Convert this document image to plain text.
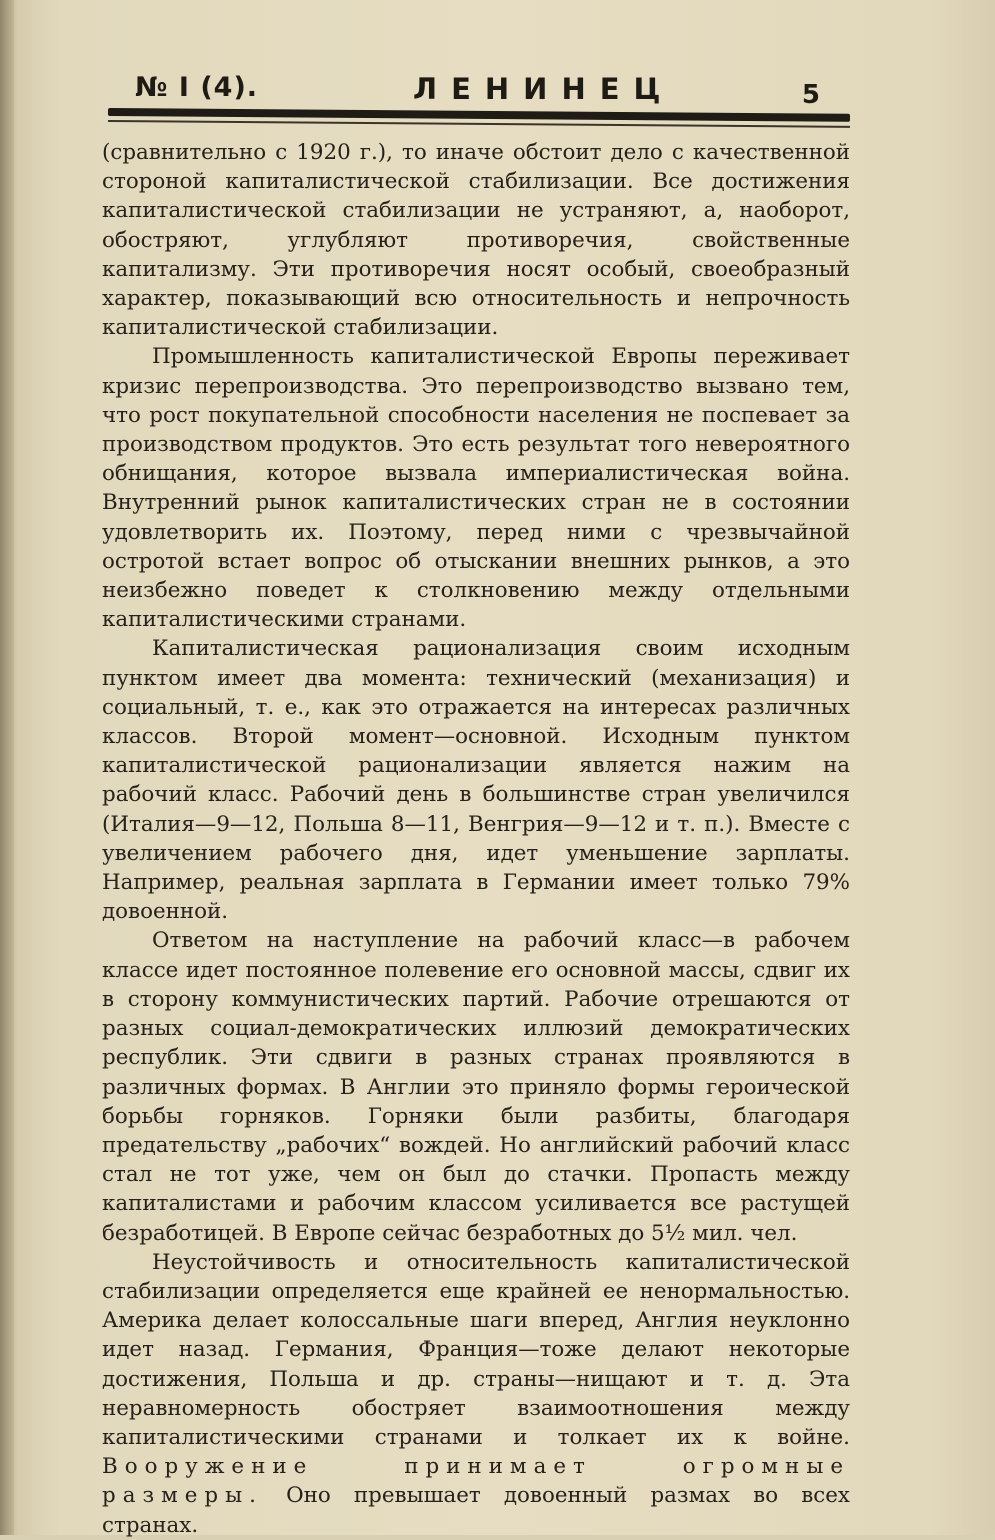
№ I (4).	ЛЕНИНЕЦ	5

(сравнительно с 1920 г.), то иначе обстоит дело с качественной стороной капиталистической стабилизации. Все достижения капиталистической стабилизации не устраняют, а, наоборот, обостряют, углубляют противоречия, свойственные капитализму. Эти противоречия носят особый, своеобразный характер, показывающий всю относительность и непрочность капиталистической стабилизации.

Промышленность капиталистической Европы переживает кризис перепроизводства. Это перепроизводство вызвано тем, что рост покупательной способности населения не поспевает за производством продуктов. Это есть результат того невероятного обнищания, которое вызвала империалистическая война. Внутренний рынок капиталистических стран не в состоянии удовлетворить их. Поэтому, перед ними с чрезвычайной остротой встает вопрос об отыскании внешних рынков, а это неизбежно поведет к столкновению между отдельными капиталистическими странами.

Капиталистическая рационализация своим исходным пунктом имеет два момента: технический (механизация) и социальный, т. е., как это отражается на интересах различных классов. Второй момент—основной. Исходным пунктом капиталистической рационализации является нажим на рабочий класс. Рабочий день в большинстве стран увеличился (Италия—9—12, Польша 8—11, Венгрия—9—12 и т. п.). Вместе с увеличением рабочего дня, идет уменьшение зарплаты. Например, реальная зарплата в Германии имеет только 79% довоенной.

Ответом на наступление на рабочий класс—в рабочем классе идет постоянное полевение его основной массы, сдвиг их в сторону коммунистических партий. Рабочие отрешаются от разных социал-демократических иллюзий демократических республик. Эти сдвиги в разных странах проявляются в различных формах. В Англии это приняло формы героической борьбы горняков. Горняки были разбиты, благодаря предательству „рабочих“ вождей. Но английский рабочий класс стал не тот уже, чем он был до стачки. Пропасть между капиталистами и рабочим классом усиливается все растущей безработицей. В Европе сейчас безработных до 5½ мил. чел.

Неустойчивость и относительность капиталистической стабилизации определяется еще крайней ее ненормальностью. Америка делает колоссальные шаги вперед, Англия неуклонно идет назад. Германия, Франция—тоже делают некоторые достижения, Польша и др. страны—нищают и т. д. Эта неравномерность обостряет взаимоотношения между капиталистическими странами и толкает их к войне. Вооружение принимает огромные размеры. Оно превышает довоенный размах во всех странах.
